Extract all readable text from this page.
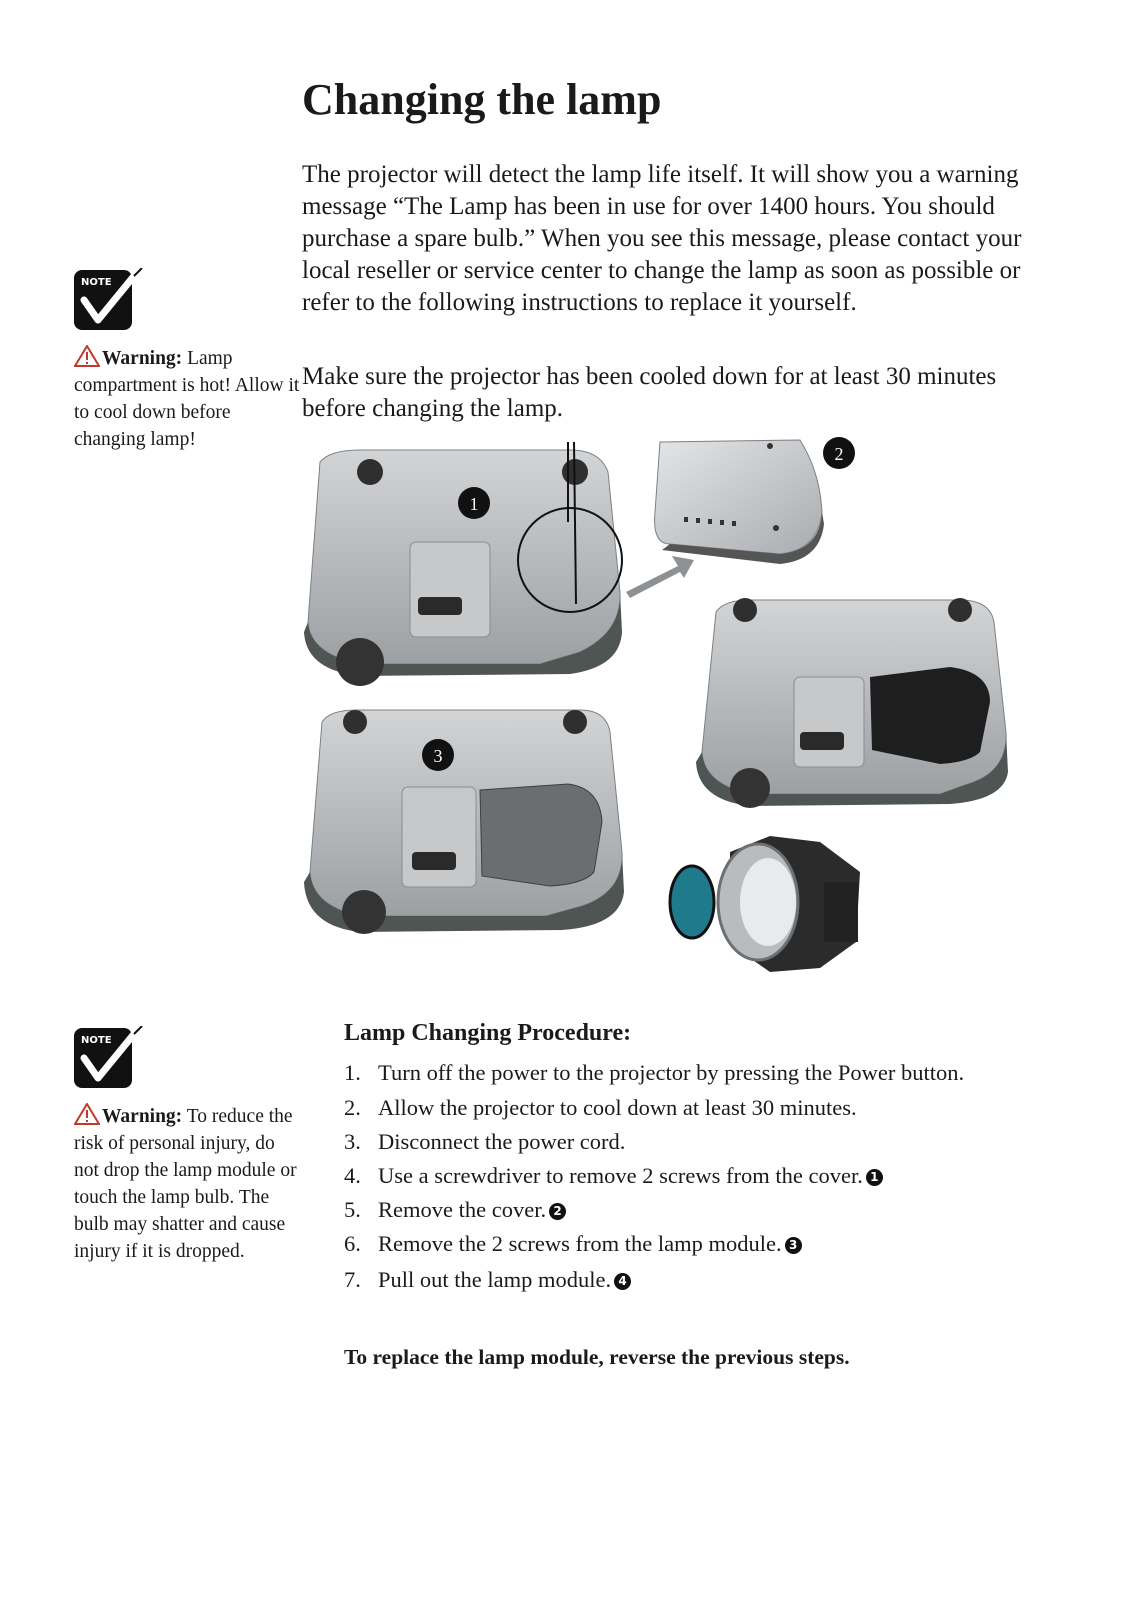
Changing the lamp

The projector will detect the lamp life itself. It will show you a warning message “The Lamp has been in use for over 1400 hours. You should purchase a spare bulb.” When you see this message, please contact your local reseller or service center to change the lamp as soon as possible or refer to the following instructions to replace it yourself.

Make sure the projector has been cooled down for at least 30 minutes before changing the lamp.

NOTE
Warning: Lamp compartment is hot! Allow it to cool down before changing lamp!
NOTE
Warning: To reduce the risk of personal injury, do not drop the lamp module or touch the lamp bulb. The bulb may shatter and cause injury if it is dropped.
1
2
3
Lamp Changing Procedure:
1. Turn off the power to the projector by pressing the Power button.
2. Allow the projector to cool down at least 30 minutes.
3. Disconnect the power cord.
4. Use a screwdriver to remove 2 screws from the cover. 1
5. Remove the cover. 2
6. Remove the 2 screws from the lamp module. 3
7. Pull out the lamp module. 4

To replace the lamp module, reverse the previous steps.
